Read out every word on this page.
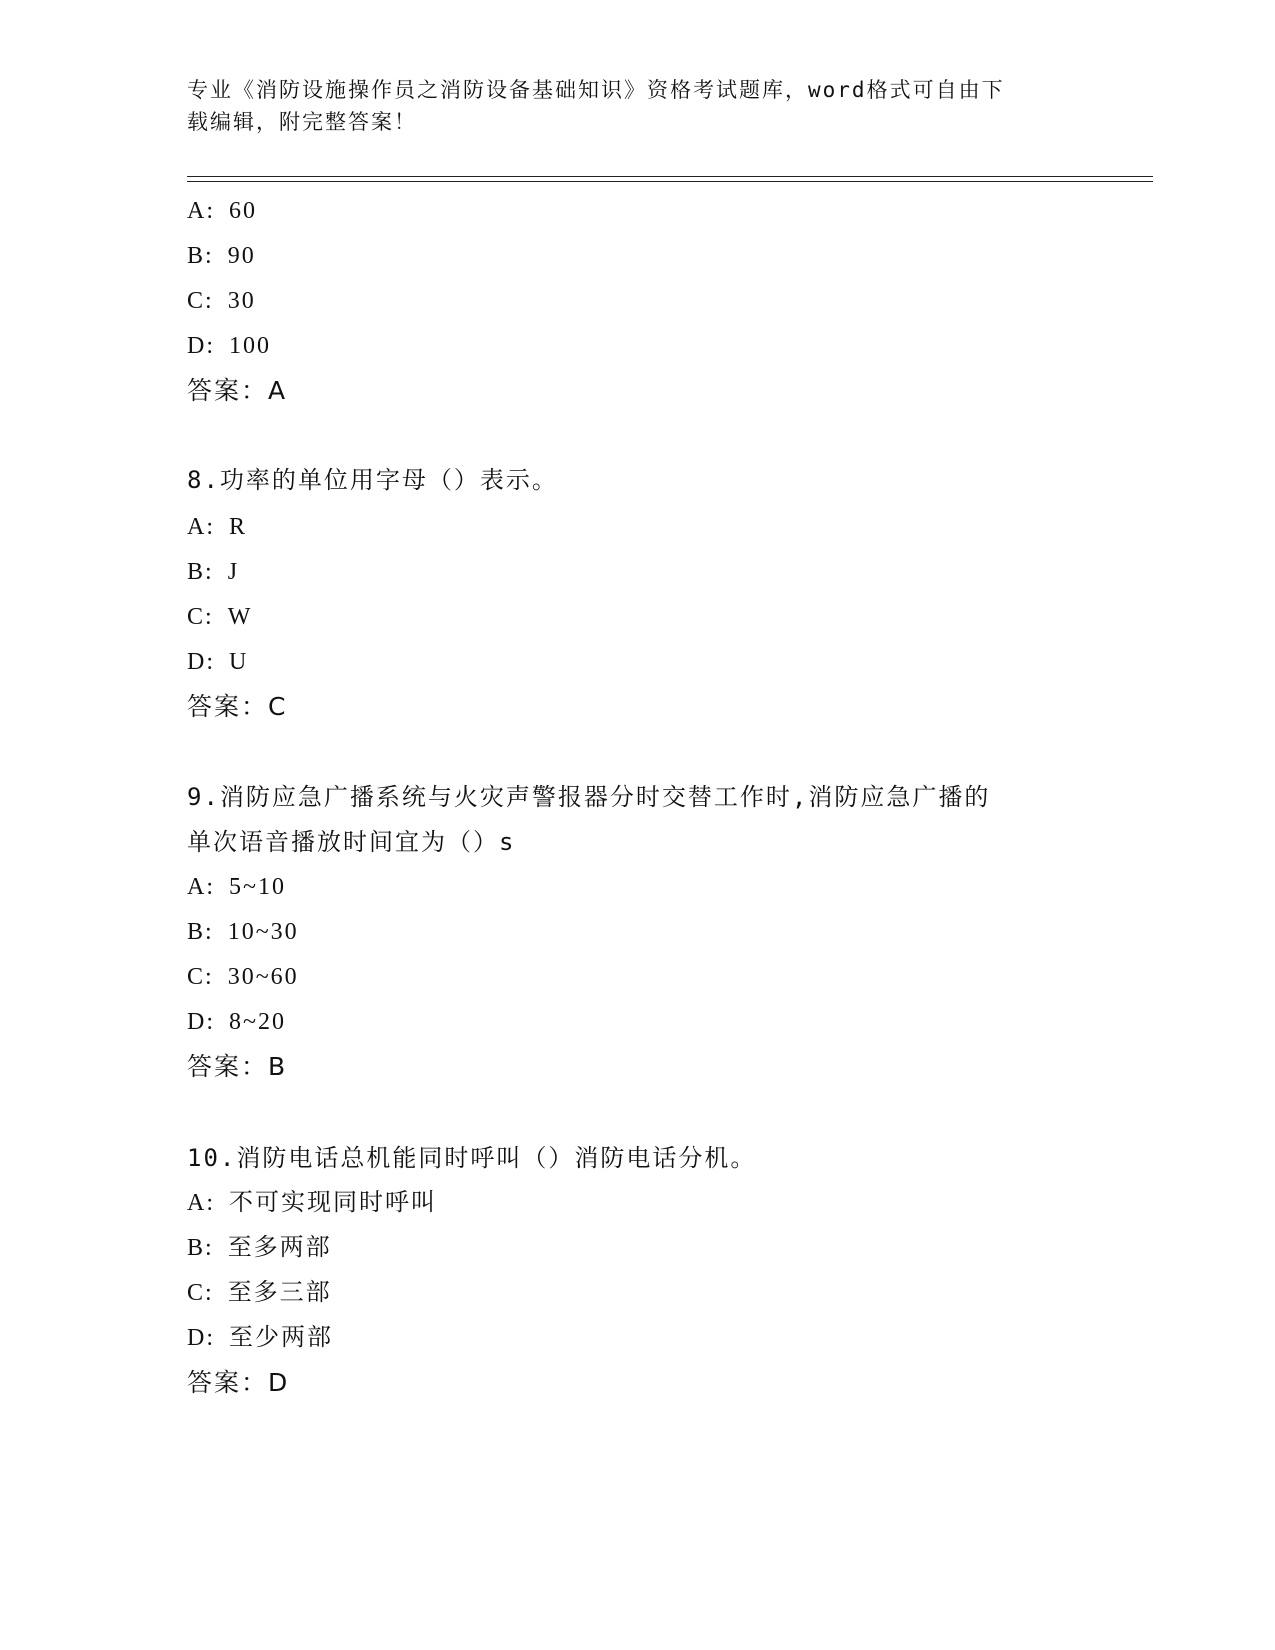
专业《消防设施操作员之消防设备基础知识》资格考试题库，word格式可自由下
载编辑，附完整答案！
A: 60
B: 90
C: 30
D: 100
答案：A
8.功率的单位用字母（）表示。
A: R
B: J
C: W
D: U
答案：C
9.消防应急广播系统与火灾声警报器分时交替工作时,消防应急广播的
单次语音播放时间宜为（）s
A: 5~10
B: 10~30
C: 30~60
D: 8~20
答案：B
10.消防电话总机能同时呼叫（）消防电话分机。
A: 不可实现同时呼叫
B: 至多两部
C: 至多三部
D: 至少两部
答案：D
